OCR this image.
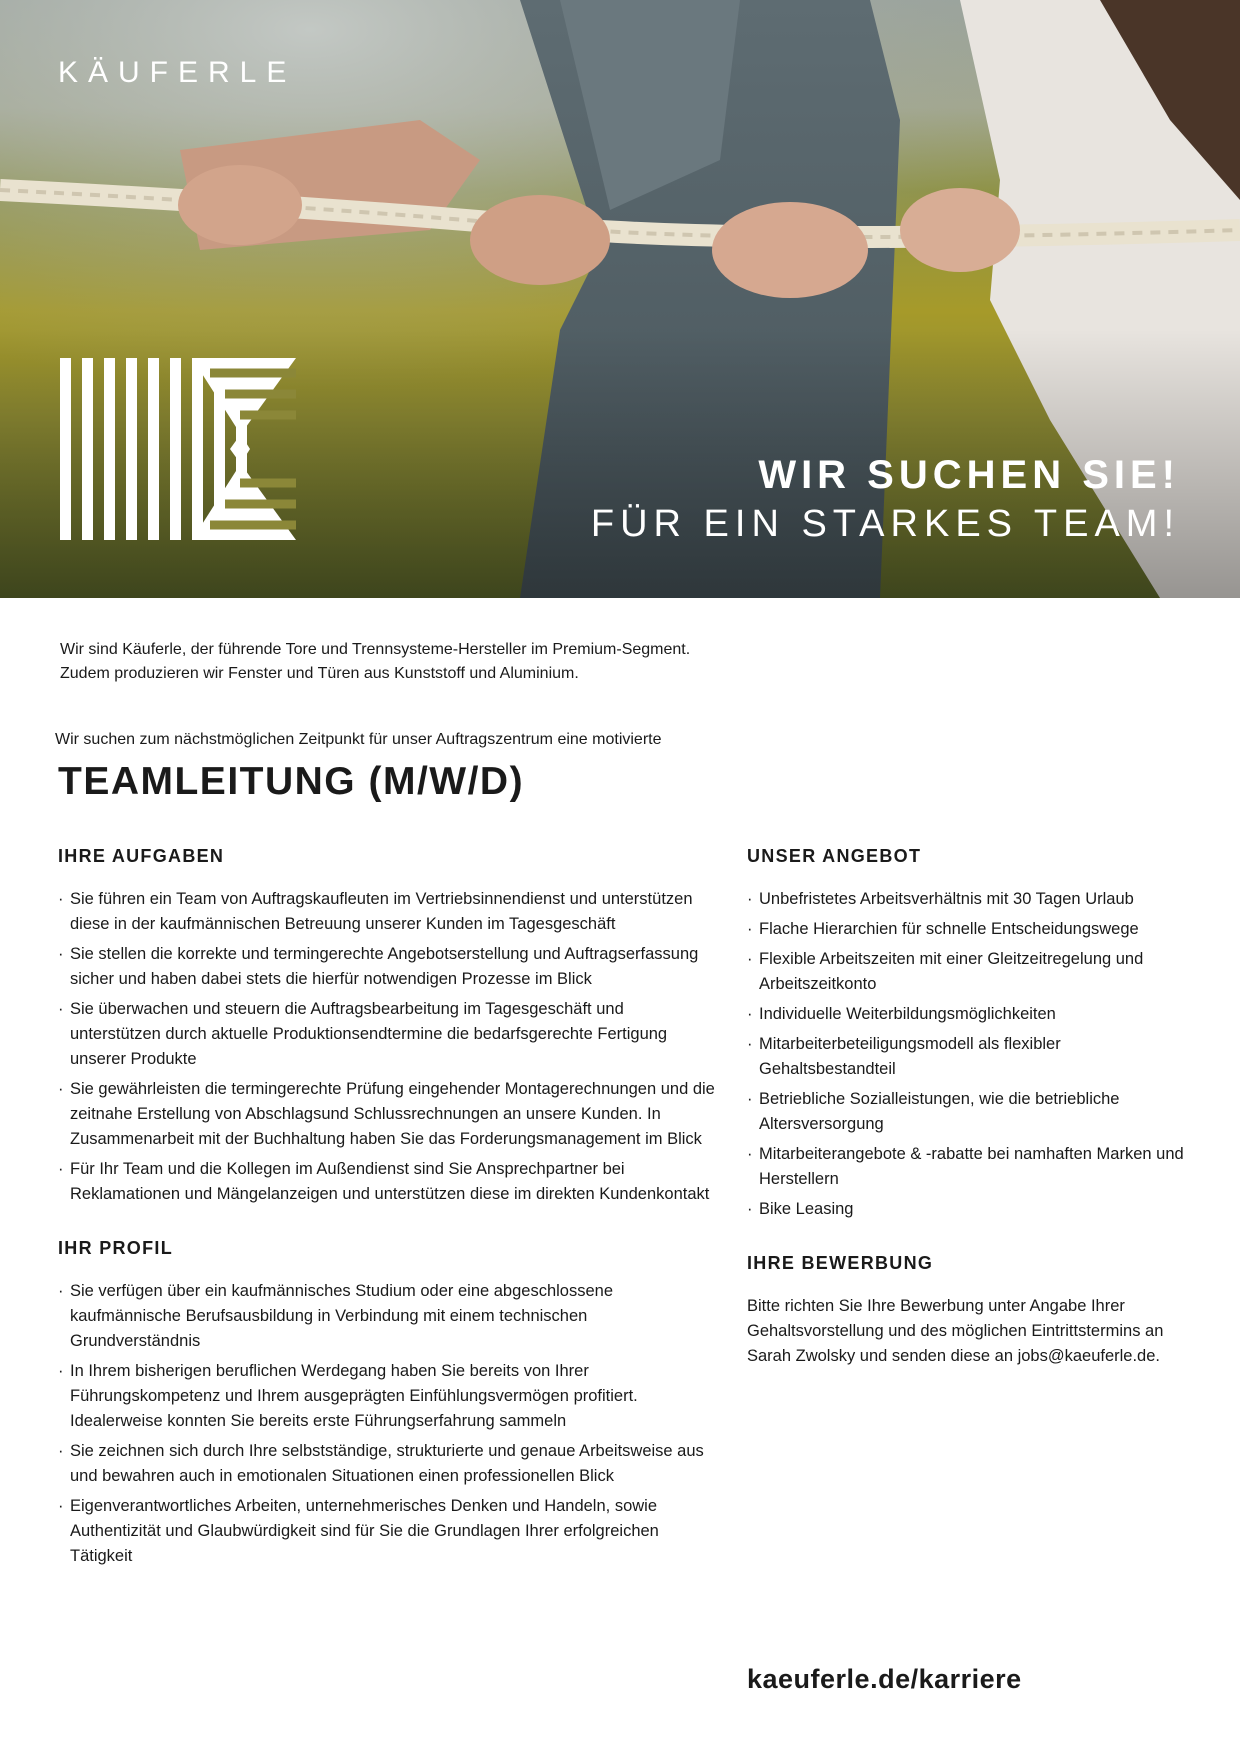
KÄUFERLE
WIR SUCHEN SIE!
FÜR EIN STARKES TEAM!

Wir sind Käuferle, der führende Tore und Trennsysteme-Hersteller im Premium-Segment.

Zudem produzieren wir Fenster und Türen aus Kunststoff und Aluminium.

Wir suchen zum nächstmöglichen Zeitpunkt für unser Auftragszentrum eine motivierte
TEAMLEITUNG (M/W/D)
IHRE AUFGABEN
· Sie führen ein Team von Auftragskaufleuten im Vertriebsinnendienst und unterstützen diese in der kaufmännischen Betreuung unserer Kunden im Tagesgeschäft
· Sie stellen die korrekte und termingerechte Angebotserstellung und Auftragserfassung sicher und haben dabei stets die hierfür notwendigen Prozesse im Blick
· Sie überwachen und steuern die Auftragsbearbeitung im Tagesgeschäft und unterstützen durch aktuelle Produktionsendtermine die bedarfsgerechte Fertigung unserer Produkte
· Sie gewährleisten die termingerechte Prüfung eingehender Montagerechnungen und die zeitnahe Erstellung von Abschlagsund Schlussrechnungen an unsere Kunden. In Zusammenarbeit mit der Buchhaltung haben Sie das Forderungsmanagement im Blick
· Für Ihr Team und die Kollegen im Außendienst sind Sie Ansprechpartner bei Reklamationen und Mängelanzeigen und unterstützen diese im direkten Kundenkontakt
IHR PROFIL
· Sie verfügen über ein kaufmännisches Studium oder eine abgeschlossene kaufmännische Berufsausbildung in Verbindung mit einem technischen Grundverständnis
· In Ihrem bisherigen beruflichen Werdegang haben Sie bereits von Ihrer Führungskompetenz und Ihrem ausgeprägten Einfühlungsvermögen profitiert. Idealerweise konnten Sie bereits erste Führungserfahrung sammeln
· Sie zeichnen sich durch Ihre selbstständige, strukturierte und genaue Arbeitsweise aus und bewahren auch in emotionalen Situationen einen professionellen Blick
· Eigenverantwortliches Arbeiten, unternehmerisches Denken und Handeln, sowie Authentizität und Glaubwürdigkeit sind für Sie die Grundlagen Ihrer erfolgreichen Tätigkeit
UNSER ANGEBOT
· Unbefristetes Arbeitsverhältnis mit 30 Tagen Urlaub
· Flache Hierarchien für schnelle Entscheidungswege
· Flexible Arbeitszeiten mit einer Gleitzeitregelung und Arbeitszeitkonto
· Individuelle Weiterbildungsmöglichkeiten
· Mitarbeiterbeteiligungsmodell als flexibler Gehaltsbestandteil
· Betriebliche Sozialleistungen, wie die betriebliche Altersversorgung
· Mitarbeiterangebote & -rabatte bei namhaften Marken und Herstellern
· Bike Leasing
IHRE BEWERBUNG

Bitte richten Sie Ihre Bewerbung unter Angabe Ihrer Gehaltsvorstellung und des möglichen Eintrittstermins an Sarah Zwolsky und senden diese an jobs@kaeuferle.de.

kaeuferle.de/karriere
